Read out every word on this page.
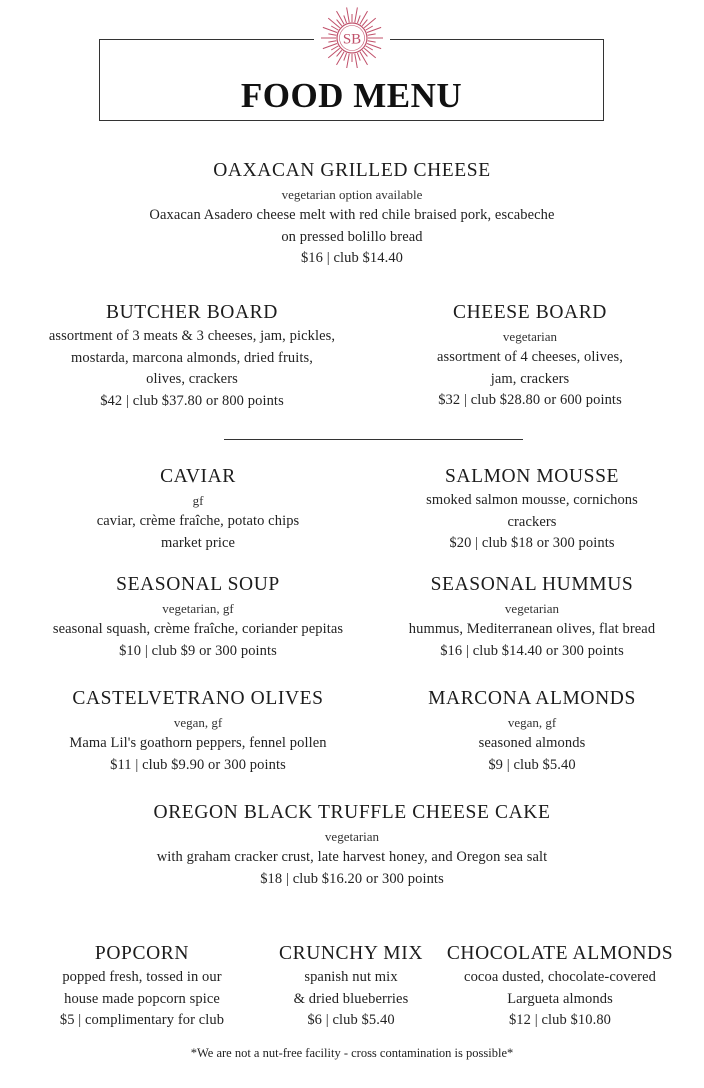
SB
FOOD MENU
OAXACAN GRILLED CHEESE
vegetarian option available
Oaxacan Asadero cheese melt with red chile braised pork, escabeche
on pressed bolillo bread
$16 | club $14.40
BUTCHER BOARD
assortment of 3 meats & 3 cheeses, jam, pickles,
mostarda, marcona almonds, dried fruits,
olives, crackers
$42 | club $37.80 or 800 points
CHEESE BOARD
vegetarian
assortment of 4 cheeses, olives,
jam, crackers
$32 | club $28.80 or 600 points
CAVIAR
gf
caviar, crème fraîche, potato chips
market price
SALMON MOUSSE
smoked salmon mousse, cornichons
crackers
$20 | club $18 or 300 points
SEASONAL SOUP
vegetarian, gf
seasonal squash, crème fraîche, coriander pepitas
$10 | club $9 or 300 points
SEASONAL HUMMUS
vegetarian
hummus, Mediterranean olives, flat bread
$16 | club $14.40 or 300 points
CASTELVETRANO OLIVES
vegan, gf
Mama Lil's goathorn peppers, fennel pollen
$11 | club $9.90 or 300 points
MARCONA ALMONDS
vegan, gf
seasoned almonds
$9 | club $5.40
OREGON BLACK TRUFFLE CHEESE CAKE
vegetarian
with graham cracker crust, late harvest honey, and Oregon sea salt
$18 | club $16.20 or 300 points
POPCORN
popped fresh, tossed in our
house made popcorn spice
$5 | complimentary for club
CRUNCHY MIX
spanish nut mix
& dried blueberries
$6 | club $5.40
CHOCOLATE ALMONDS
cocoa dusted, chocolate-covered
Largueta almonds
$12 | club $10.80
*We are not a nut-free facility - cross contamination is possible*
